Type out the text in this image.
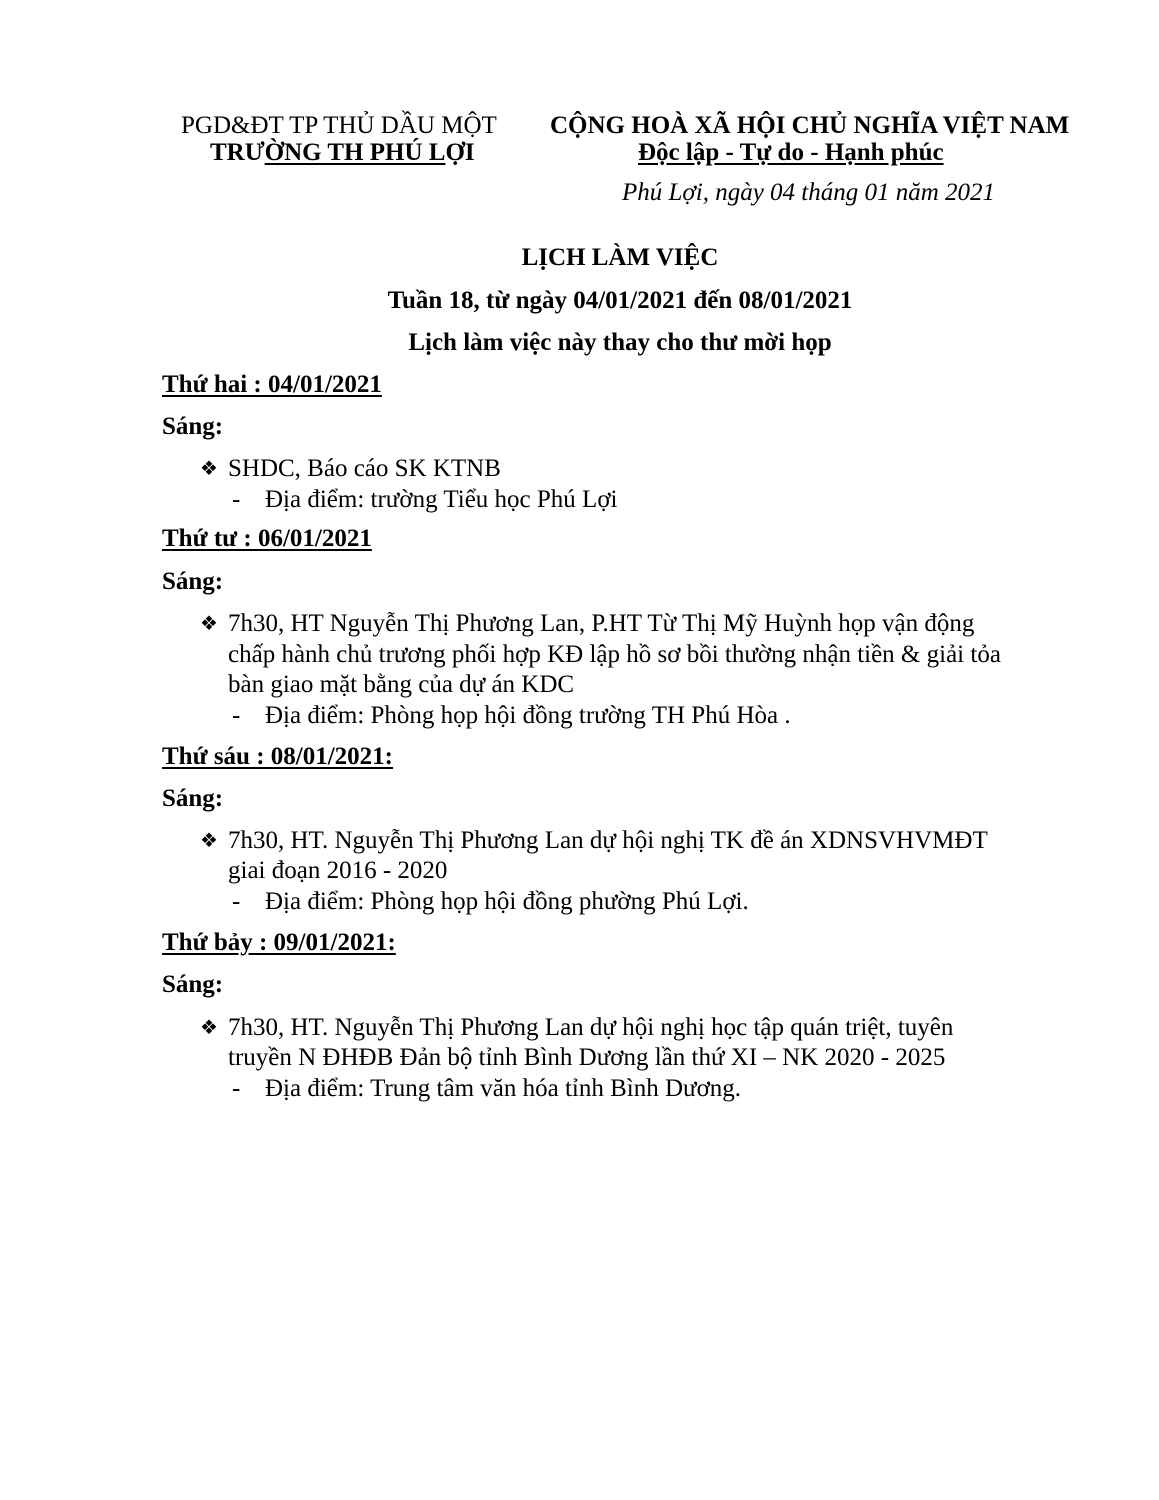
PGD&ĐT TP THỦ DẦU MỘT
TRƯỜNG TH PHÚ LỢI
CỘNG HOÀ XÃ HỘI CHỦ NGHĨA VIỆT NAM
Độc lập - Tự do - Hạnh phúc
Phú Lợi, ngày 04 tháng 01 năm 2021
LỊCH LÀM VIỆC
Tuần 18, từ ngày 04/01/2021 đến 08/01/2021
Lịch làm việc này thay cho thư mời họp
Thứ hai : 04/01/2021
Sáng:
❖ SHDC, Báo cáo SK KTNB
- Địa điểm: trường Tiểu học Phú Lợi
Thứ tư : 06/01/2021
Sáng:
❖ 7h30, HT Nguyễn Thị Phương Lan, P.HT Từ Thị Mỹ Huỳnh họp vận động
chấp hành chủ trương phối hợp KĐ lập hồ sơ bồi thường nhận tiền & giải tỏa
bàn giao mặt bằng của dự án KDC
- Địa điểm: Phòng họp hội đồng trường TH Phú Hòa .
Thứ sáu : 08/01/2021:
Sáng:
❖ 7h30, HT. Nguyễn Thị Phương Lan dự hội nghị TK đề án XDNSVHVMĐT
giai đoạn 2016 - 2020
- Địa điểm: Phòng họp hội đồng phường Phú Lợi.
Thứ bảy : 09/01/2021:
Sáng:
❖ 7h30, HT. Nguyễn Thị Phương Lan dự hội nghị học tập quán triệt, tuyên
truyền N ĐHĐB Đản bộ tỉnh Bình Dương lần thứ XI – NK 2020 - 2025
- Địa điểm: Trung tâm văn hóa tỉnh Bình Dương.
